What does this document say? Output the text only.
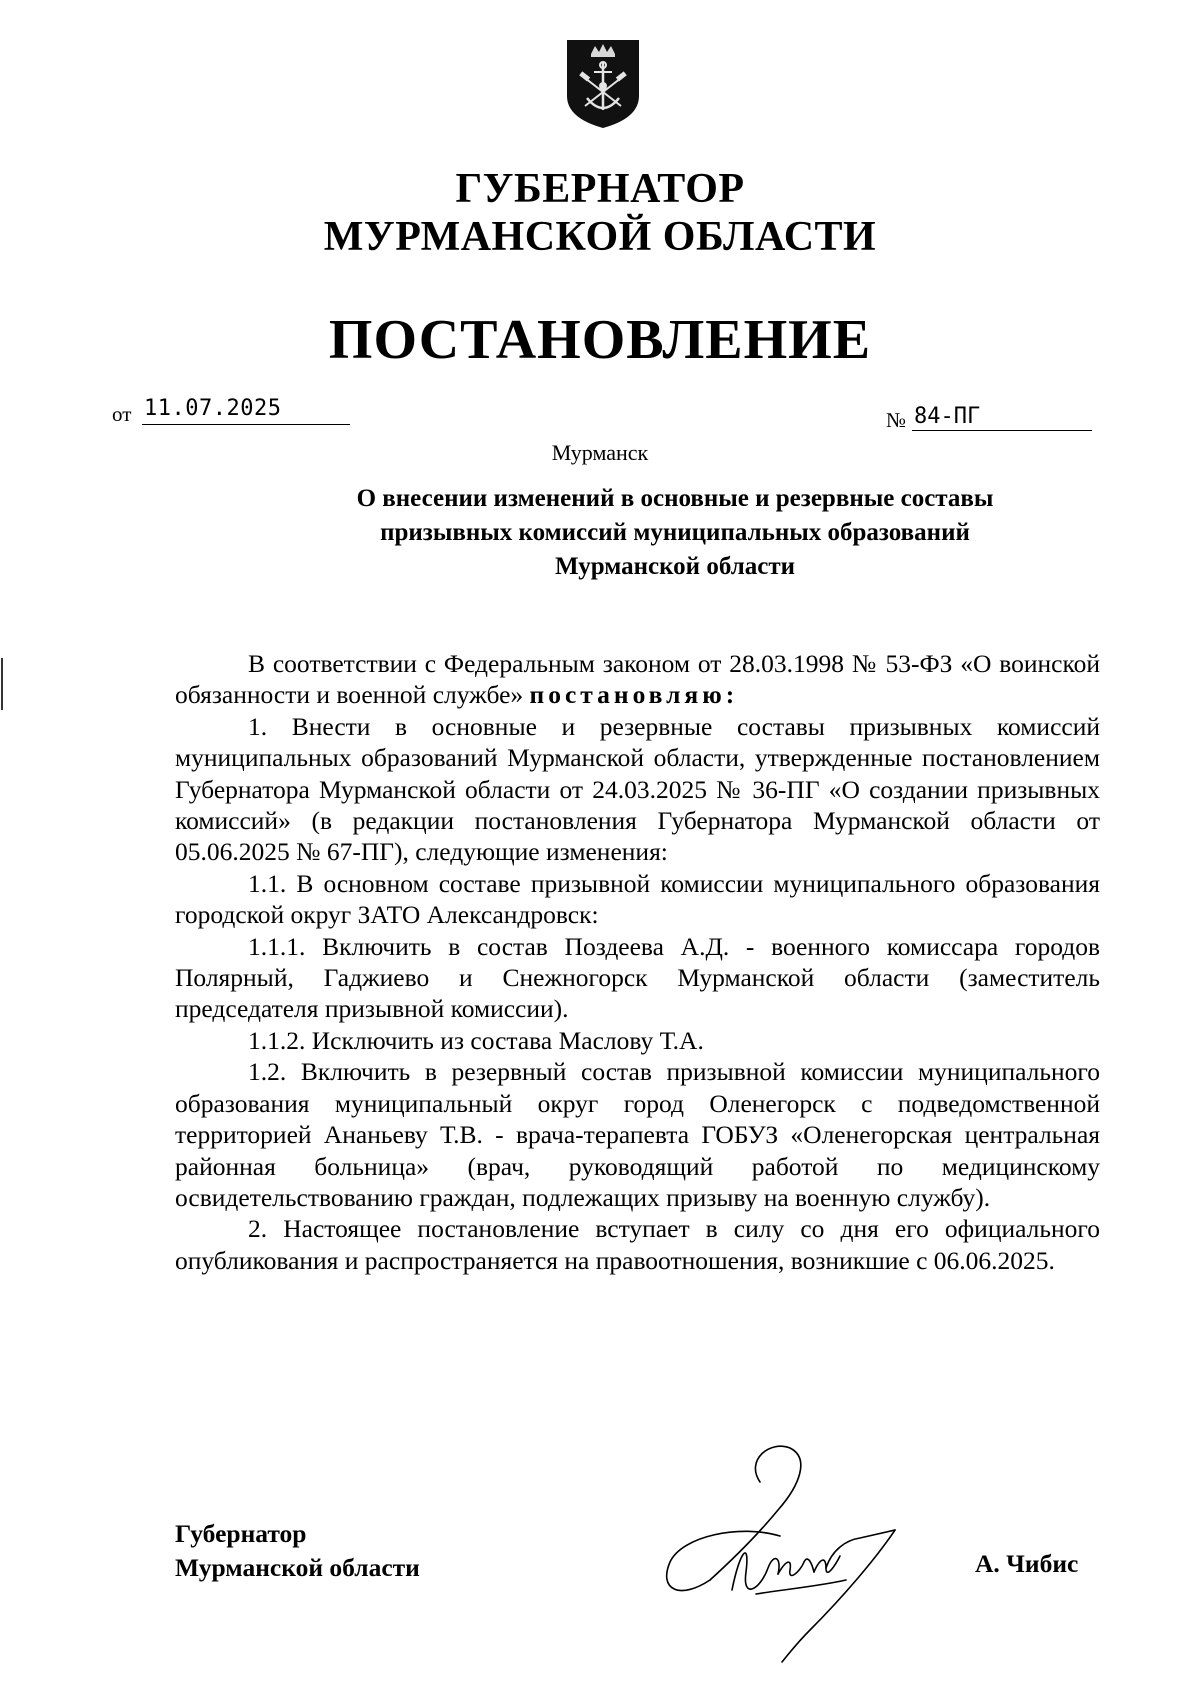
ГУБЕРНАТОР
МУРМАНСКОЙ ОБЛАСТИ
ПОСТАНОВЛЕНИЕ
от 11.07.2025	№ 84-ПГ
Мурманск
О внесении изменений в основные и резервные составы
призывных комиссий муниципальных образований
Мурманской области

В соответствии с Федеральным законом от 28.03.1998 № 53-ФЗ «О воинской обязанности и военной службе» постановляю:

1. Внести в основные и резервные составы призывных комиссий муниципальных образований Мурманской области, утвержденные постановлением Губернатора Мурманской области от 24.03.2025 № 36-ПГ «О создании призывных комиссий» (в редакции постановления Губернатора Мурманской области от 05.06.2025 № 67-ПГ), следующие изменения:

1.1. В основном составе призывной комиссии муниципального образования городской округ ЗАТО Александровск:

1.1.1. Включить в состав Поздеева А.Д. - военного комиссара городов Полярный, Гаджиево и Снежногорск Мурманской области (заместитель председателя призывной комиссии).

1.1.2. Исключить из состава Маслову Т.А.

1.2. Включить в резервный состав призывной комиссии муниципального образования муниципальный округ город Оленегорск с подведомственной территорией Ананьеву Т.В. - врача-терапевта ГОБУЗ «Оленегорская центральная районная больница» (врач, руководящий работой по медицинскому освидетельствованию граждан, подлежащих призыву на военную службу).

2. Настоящее постановление вступает в силу со дня его официального опубликования и распространяется на правоотношения, возникшие с 06.06.2025.

Губернатор
Мурманской области	А. Чибис
